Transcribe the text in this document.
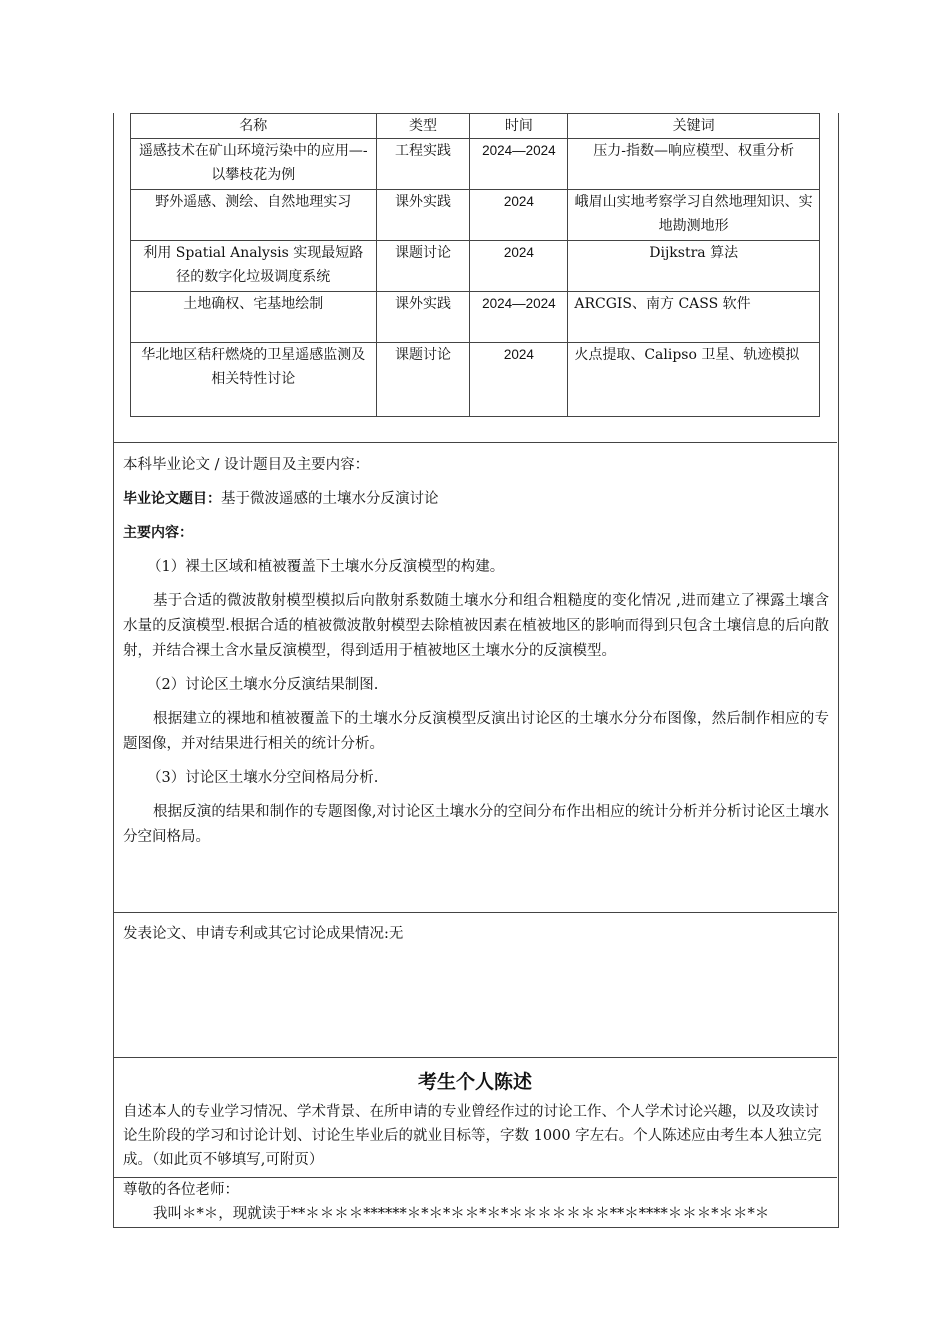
名称	类型	时间	关键词
遥感技术在矿山环境污染中的应用—-以攀枝花为例	工程实践	2024—2024	压力-指数—响应模型、权重分析
野外遥感、测绘、自然地理实习	课外实践	2024	峨眉山实地考察学习自然地理知识、实地勘测地形
利用 Spatial Analysis 实现最短路径的数字化垃圾调度系统	课题讨论	2024	Dijkstra 算法
土地确权、宅基地绘制	课外实践	2024—2024	ARCGIS、南方 CASS 软件
华北地区秸秆燃烧的卫星遥感监测及相关特性讨论	课题讨论	2024	火点提取、Calipso 卫星、轨迹模拟

本科毕业论文 / 设计题目及主要内容：

毕业论文题目：基于微波遥感的土壤水分反演讨论

主要内容：

（1）裸土区域和植被覆盖下土壤水分反演模型的构建。

基于合适的微波散射模型模拟后向散射系数随土壤水分和组合粗糙度的变化情况 ,进而建立了裸露土壤含水量的反演模型.根据合适的植被微波散射模型去除植被因素在植被地区的影响而得到只包含土壤信息的后向散射，并结合裸土含水量反演模型，得到适用于植被地区土壤水分的反演模型。

（2）讨论区土壤水分反演结果制图.

根据建立的裸地和植被覆盖下的土壤水分反演模型反演出讨论区的土壤水分分布图像，然后制作相应的专题图像，并对结果进行相关的统计分析。

（3）讨论区土壤水分空间格局分析.

根据反演的结果和制作的专题图像,对讨论区土壤水分的空间分布作出相应的统计分析并分析讨论区土壤水分空间格局。

发表论文、申请专利或其它讨论成果情况:无

考生个人陈述

自述本人的专业学习情况、学术背景、在所申请的专业曾经作过的讨论工作、个人学术讨论兴趣，以及攻读讨论生阶段的学习和讨论计划、讨论生毕业后的就业目标等，字数 1000 字左右。个人陈述应由考生本人独立完成。（如此页不够填写,可附页）

尊敬的各位老师：

我叫＊*＊，现就读于**＊＊＊＊******＊*＊*＊＊*＊*＊＊＊＊＊＊＊**＊****＊＊＊*＊＊*＊
